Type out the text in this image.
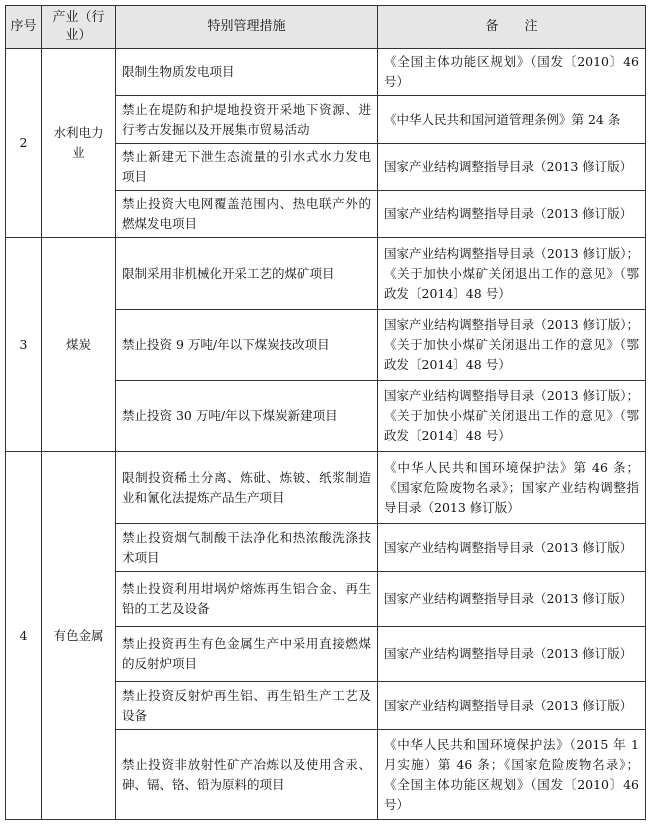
序号	产业（行业）	特别管理措施	备　　注
2	水利电力业	限制生物质发电项目	《全国主体功能区规划》（国发〔2010〕46号）
		禁止在堤防和护堤地投资开采地下资源、进行考古发掘以及开展集市贸易活动	《中华人民共和国河道管理条例》第 24 条
		禁止新建无下泄生态流量的引水式水力发电项目	国家产业结构调整指导目录（2013 修订版）
		禁止投资大电网覆盖范围内、热电联产外的燃煤发电项目	国家产业结构调整指导目录（2013 修订版）
3	煤炭	限制采用非机械化开采工艺的煤矿项目	国家产业结构调整指导目录（2013 修订版）；《关于加快小煤矿关闭退出工作的意见》（鄂政发〔2014〕48 号）
		禁止投资 9 万吨/年以下煤炭技改项目	国家产业结构调整指导目录（2013 修订版）；《关于加快小煤矿关闭退出工作的意见》（鄂政发〔2014〕48 号）
		禁止投资 30 万吨/年以下煤炭新建项目	国家产业结构调整指导目录（2013 修订版）；《关于加快小煤矿关闭退出工作的意见》（鄂政发〔2014〕48 号）
4	有色金属	限制投资稀土分离、炼砒、炼铍、纸浆制造业和氰化法提炼产品生产项目	《中华人民共和国环境保护法》第 46 条；《国家危险废物名录》；国家产业结构调整指导目录（2013 修订版）
		禁止投资烟气制酸干法净化和热浓酸洗涤技术项目	国家产业结构调整指导目录（2013 修订版）
		禁止投资利用坩埚炉熔炼再生铝合金、再生铅的工艺及设备	国家产业结构调整指导目录（2013 修订版）
		禁止投资再生有色金属生产中采用直接燃煤的反射炉项目	国家产业结构调整指导目录（2013 修订版）
		禁止投资反射炉再生铝、再生铅生产工艺及设备	国家产业结构调整指导目录（2013 修订版）
		禁止投资非放射性矿产冶炼以及使用含汞、砷、镉、铬、铅为原料的项目	《中华人民共和国环境保护法》（2015 年 1 月实施）第 46 条；《国家危险废物名录》；《全国主体功能区规划》（国发〔2010〕46 号）
